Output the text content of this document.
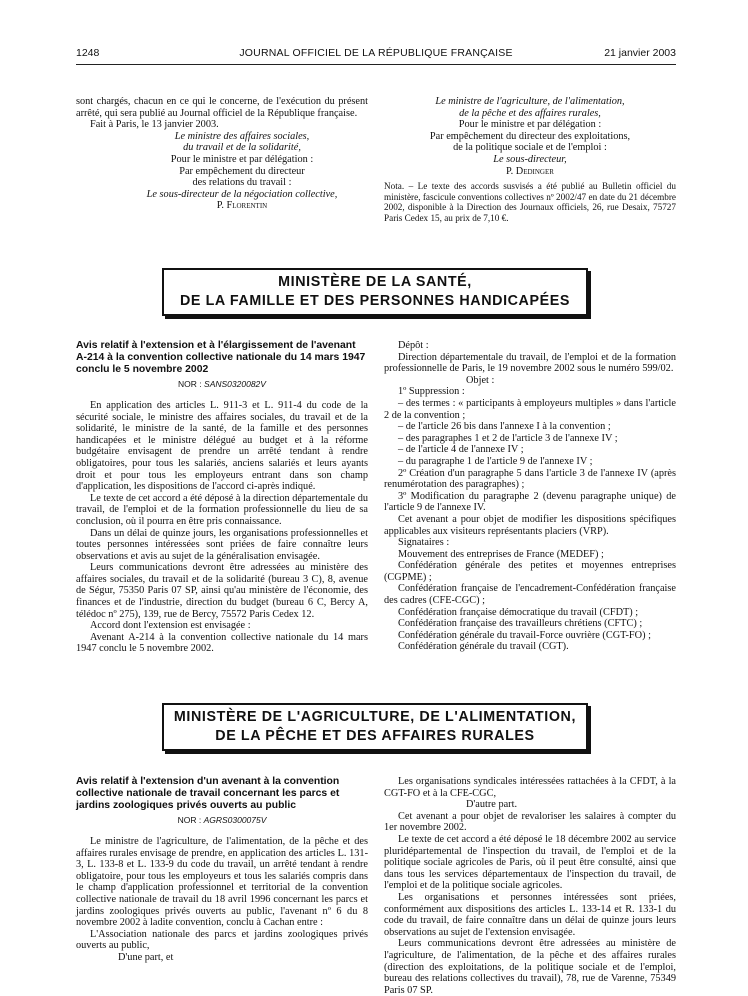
1248	JOURNAL OFFICIEL DE LA RÉPUBLIQUE FRANÇAISE	21 janvier 2003

sont chargés, chacun en ce qui le concerne, de l'exécution du présent arrêté, qui sera publié au Journal officiel de la République française.

Fait à Paris, le 13 janvier 2003.

Le ministre des affaires sociales,

du travail et de la solidarité,

Pour le ministre et par délégation :

Par empêchement du directeur

des relations du travail :

Le sous-directeur de la négociation collective,

P. Florentin

Le ministre de l'agriculture, de l'alimentation,

de la pêche et des affaires rurales,

Pour le ministre et par délégation :

Par empêchement du directeur des exploitations,

de la politique sociale et de l'emploi :

Le sous-directeur,

P. Dedinger

Nota. – Le texte des accords susvisés a été publié au Bulletin officiel du ministère, fascicule conventions collectives nº 2002/47 en date du 21 décembre 2002, disponible à la Direction des Journaux officiels, 26, rue Desaix, 75727 Paris Cedex 15, au prix de 7,10 €.

MINISTÈRE DE LA SANTÉ,
DE LA FAMILLE ET DES PERSONNES HANDICAPÉES

Avis relatif à l'extension et à l'élargissement de l'avenant A-214 à la convention collective nationale du 14 mars 1947 conclu le 5 novembre 2002

NOR : SANS0320082V

En application des articles L. 911-3 et L. 911-4 du code de la sécurité sociale, le ministre des affaires sociales, du travail et de la solidarité, le ministre de la santé, de la famille et des personnes handicapées et le ministre délégué au budget et à la réforme budgétaire envisagent de prendre un arrêté tendant à rendre obligatoires, pour tous les salariés, anciens salariés et leurs ayants droit et pour tous les employeurs entrant dans son champ d'application, les dispositions de l'accord ci-après indiqué.

Le texte de cet accord a été déposé à la direction départementale du travail, de l'emploi et de la formation professionnelle du lieu de sa conclusion, où il pourra en être pris connaissance.

Dans un délai de quinze jours, les organisations professionnelles et toutes personnes intéressées sont priées de faire connaître leurs observations et avis au sujet de la généralisation envisagée.

Leurs communications devront être adressées au ministère des affaires sociales, du travail et de la solidarité (bureau 3 C), 8, avenue de Ségur, 75350 Paris 07 SP, ainsi qu'au ministère de l'économie, des finances et de l'industrie, direction du budget (bureau 6 C, Bercy A, télédoc nº 275), 139, rue de Bercy, 75572 Paris Cedex 12.

Accord dont l'extension est envisagée :

Avenant A-214 à la convention collective nationale du 14 mars 1947 conclu le 5 novembre 2002.

Dépôt :

Direction départementale du travail, de l'emploi et de la formation professionnelle de Paris, le 19 novembre 2002 sous le numéro 599/02.

Objet :

1º Suppression :

– des termes : « participants à employeurs multiples » dans l'article 2 de la convention ;

– de l'article 26 bis dans l'annexe I à la convention ;

– des paragraphes 1 et 2 de l'article 3 de l'annexe IV ;

– de l'article 4 de l'annexe IV ;

– du paragraphe 1 de l'article 9 de l'annexe IV ;

2º Création d'un paragraphe 5 dans l'article 3 de l'annexe IV (après renumérotation des paragraphes) ;

3º Modification du paragraphe 2 (devenu paragraphe unique) de l'article 9 de l'annexe IV.

Cet avenant a pour objet de modifier les dispositions spécifiques applicables aux visiteurs représentants placiers (VRP).

Signataires :

Mouvement des entreprises de France (MEDEF) ;

Confédération générale des petites et moyennes entreprises (CGPME) ;

Confédération française de l'encadrement-Confédération française des cadres (CFE-CGC) ;

Confédération française démocratique du travail (CFDT) ;

Confédération française des travailleurs chrétiens (CFTC) ;

Confédération générale du travail-Force ouvrière (CGT-FO) ;

Confédération générale du travail (CGT).

MINISTÈRE DE L'AGRICULTURE, DE L'ALIMENTATION,
DE LA PÊCHE ET DES AFFAIRES RURALES

Avis relatif à l'extension d'un avenant à la convention collective nationale de travail concernant les parcs et jardins zoologiques privés ouverts au public

NOR : AGRS0300075V

Le ministre de l'agriculture, de l'alimentation, de la pêche et des affaires rurales envisage de prendre, en application des articles L. 131-3, L. 133-8 et L. 133-9 du code du travail, un arrêté tendant à rendre obligatoire, pour tous les employeurs et tous les salariés compris dans le champ d'application professionnel et territorial de la convention collective nationale de travail du 18 avril 1996 concernant les parcs et jardins zoologiques privés ouverts au public, l'avenant nº 6 du 8 novembre 2002 à ladite convention, conclu à Cachan entre :

L'Association nationale des parcs et jardins zoologiques privés ouverts au public,

D'une part, et

Les organisations syndicales intéressées rattachées à la CFDT, à la CGT-FO et à la CFE-CGC,

D'autre part.

Cet avenant a pour objet de revaloriser les salaires à compter du 1er novembre 2002.

Le texte de cet accord a été déposé le 18 décembre 2002 au service pluridépartemental de l'inspection du travail, de l'emploi et de la politique sociale agricoles de Paris, où il peut être consulté, ainsi que dans tous les services départementaux de l'inspection du travail, de l'emploi et de la politique sociale agricoles.

Les organisations et personnes intéressées sont priées, conformément aux dispositions des articles L. 133-14 et R. 133-1 du code du travail, de faire connaître dans un délai de quinze jours leurs observations au sujet de l'extension envisagée.

Leurs communications devront être adressées au ministère de l'agriculture, de l'alimentation, de la pêche et des affaires rurales (direction des exploitations, de la politique sociale et de l'emploi, bureau des relations collectives du travail), 78, rue de Varenne, 75349 Paris 07 SP.
